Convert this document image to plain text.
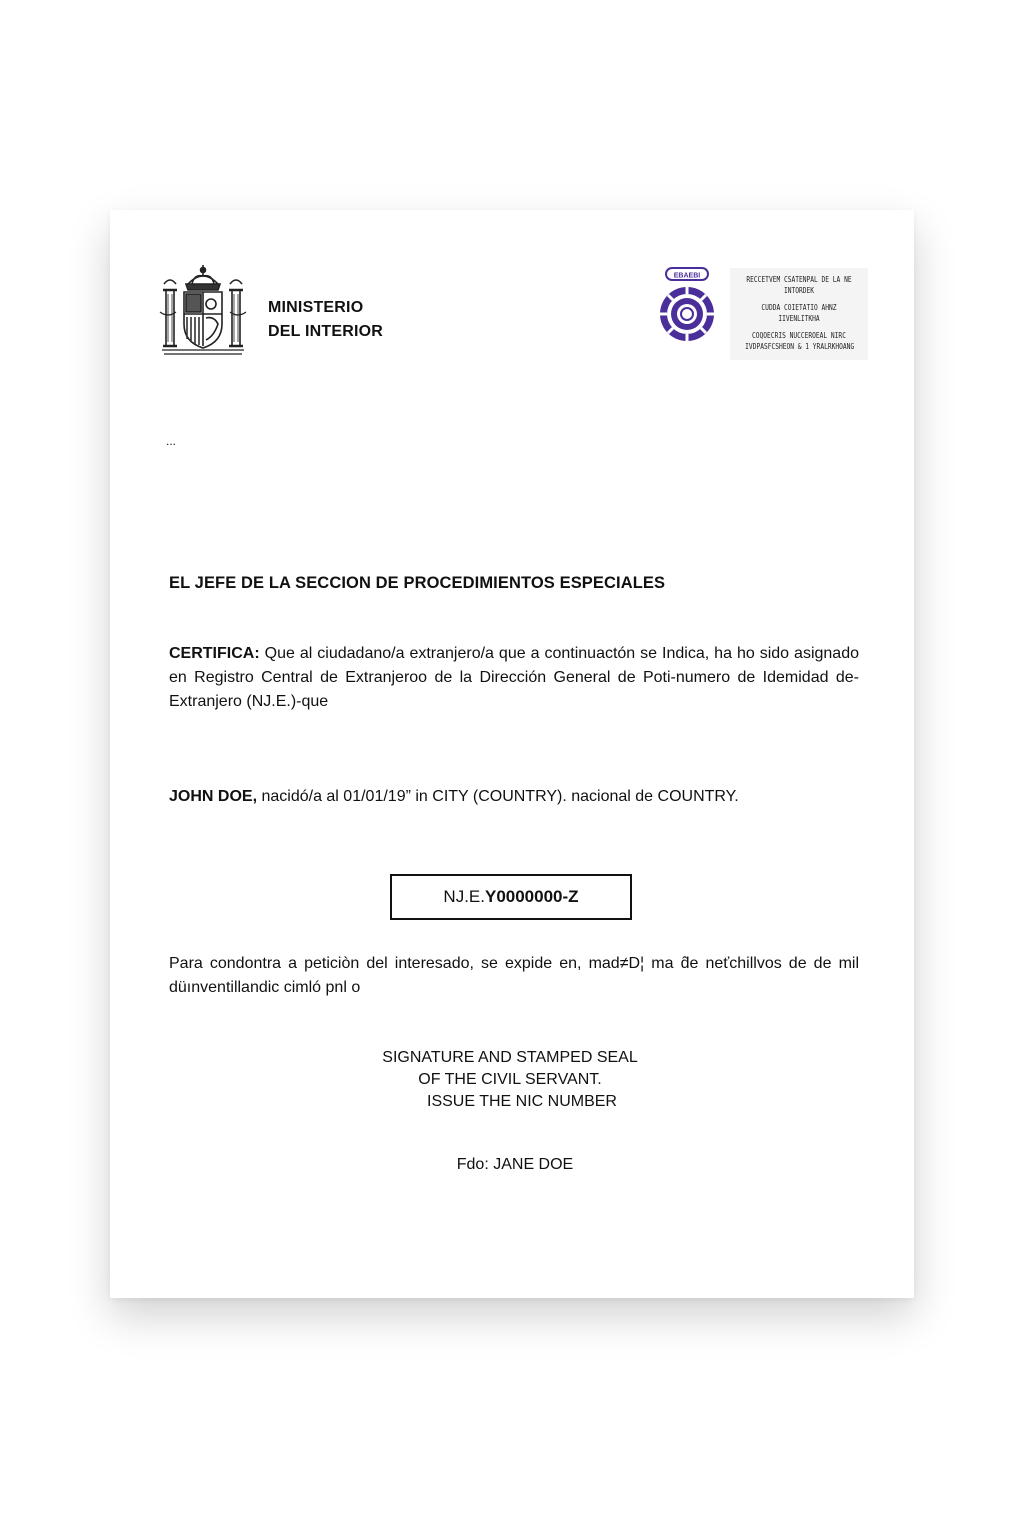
MINISTERIO
DEL INTERIOR
EBAEBI	RECCETVEM CSATENPAL DE LA NE
INTORDEK
CUDDA COIETATIO AHNZ
IIVENLITKHA
COQOECRIS NUCCEROEAL NIRC
IVDPASFCSHEON & 1 YRALRKHOANG
...
EL JEFE DE LA SECCION DE PROCEDIMIENTOS ESPECIALES
CERTIFICA: Que al ciudadano/a extranjero/a que a continuactón se Indica, ha ho sido asignado en Registro Central de Extranjeroo de la Dirección General de Poti-numero de Idemidad de-Extranjero (NJ.E.)-que
JOHN DOE, nacidó/a al 01/01/19” in CITY (COUNTRY). nacional de COUNTRY.
NJ.E.Y0000000-Z
Para condontra a peticiòn del interesado, se expide en, mad≠D¦ ma d̂e neťchillvos de de mil düınventillandic cimló pnl o
SIGNATURE AND STAMPED SEAL
OF THE CIVIL SERVANT.
ISSUE THE NIC NUMBER
Fdo: JANE DOE
